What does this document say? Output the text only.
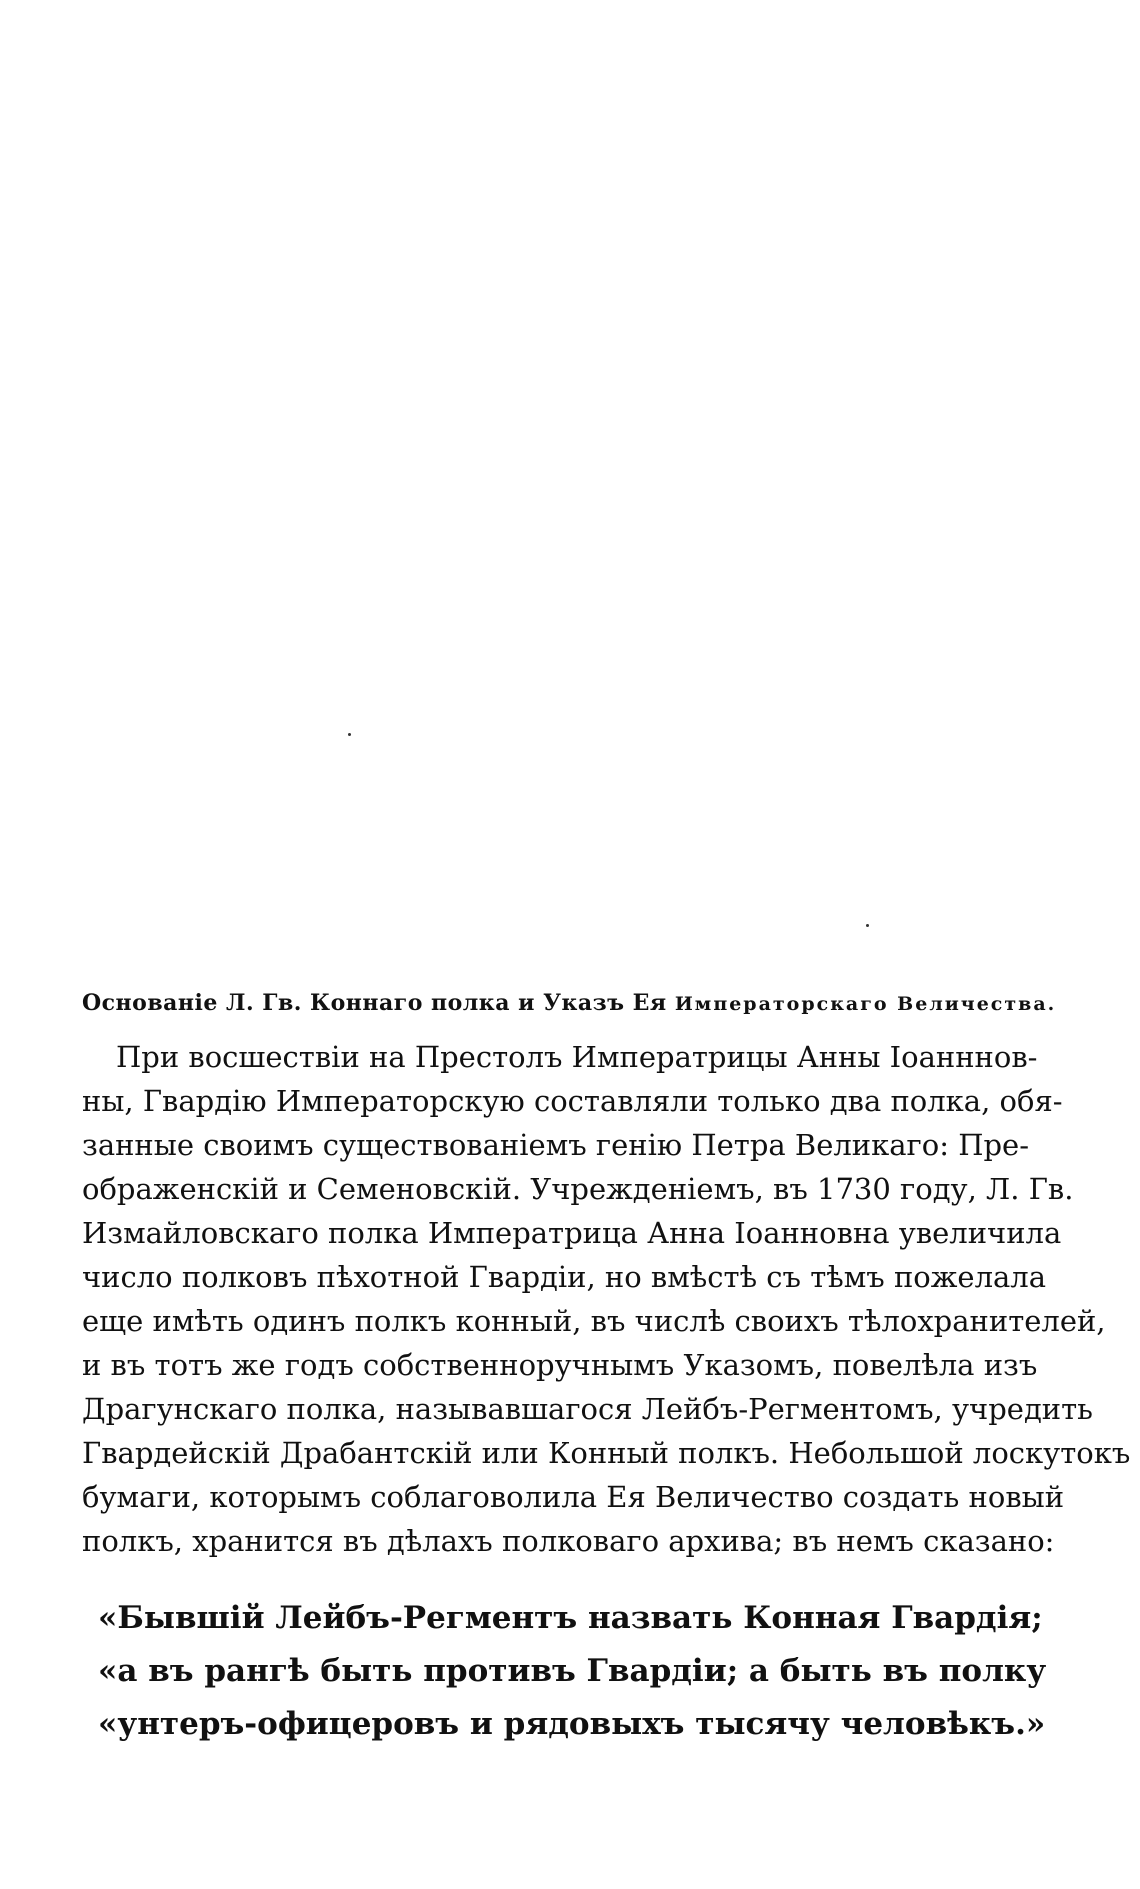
Основаніе Л. Гв. Коннаго полка и Указъ Ея Императорскаго Величества.
При восшествіи на Престолъ Императрицы Анны Іоанннов-
ны, Гвардію Императорскую составляли только два полка, обя-
занные своимъ существованіемъ генію Петра Великаго: Пре-
ображенскій и Семеновскій. Учрежденіемъ, въ 1730 году, Л. Гв.
Измайловскаго полка Императрица Анна Іоанновна увеличила
число полковъ пѣхотной Гвардіи, но вмѣстѣ съ тѣмъ пожелала
еще имѣть одинъ полкъ конный, въ числѣ своихъ тѣлохранителей,
и въ тотъ же годъ собственноручнымъ Указомъ, повелѣла изъ
Драгунскаго полка, называвшагося Лейбъ-Регментомъ, учредить
Гвардейскій Драбантскій или Конный полкъ. Небольшой лоскутокъ
бумаги, которымъ соблаговолила Ея Величество создать новый
полкъ, хранится въ дѣлахъ полковаго архива; въ немъ сказано:
«Бывшій Лейбъ-Регментъ назвать Конная Гвардія;
«а въ рангѣ быть противъ Гвардіи; а быть въ полку
«унтеръ-офицеровъ и рядовыхъ тысячу человѣкъ.»
